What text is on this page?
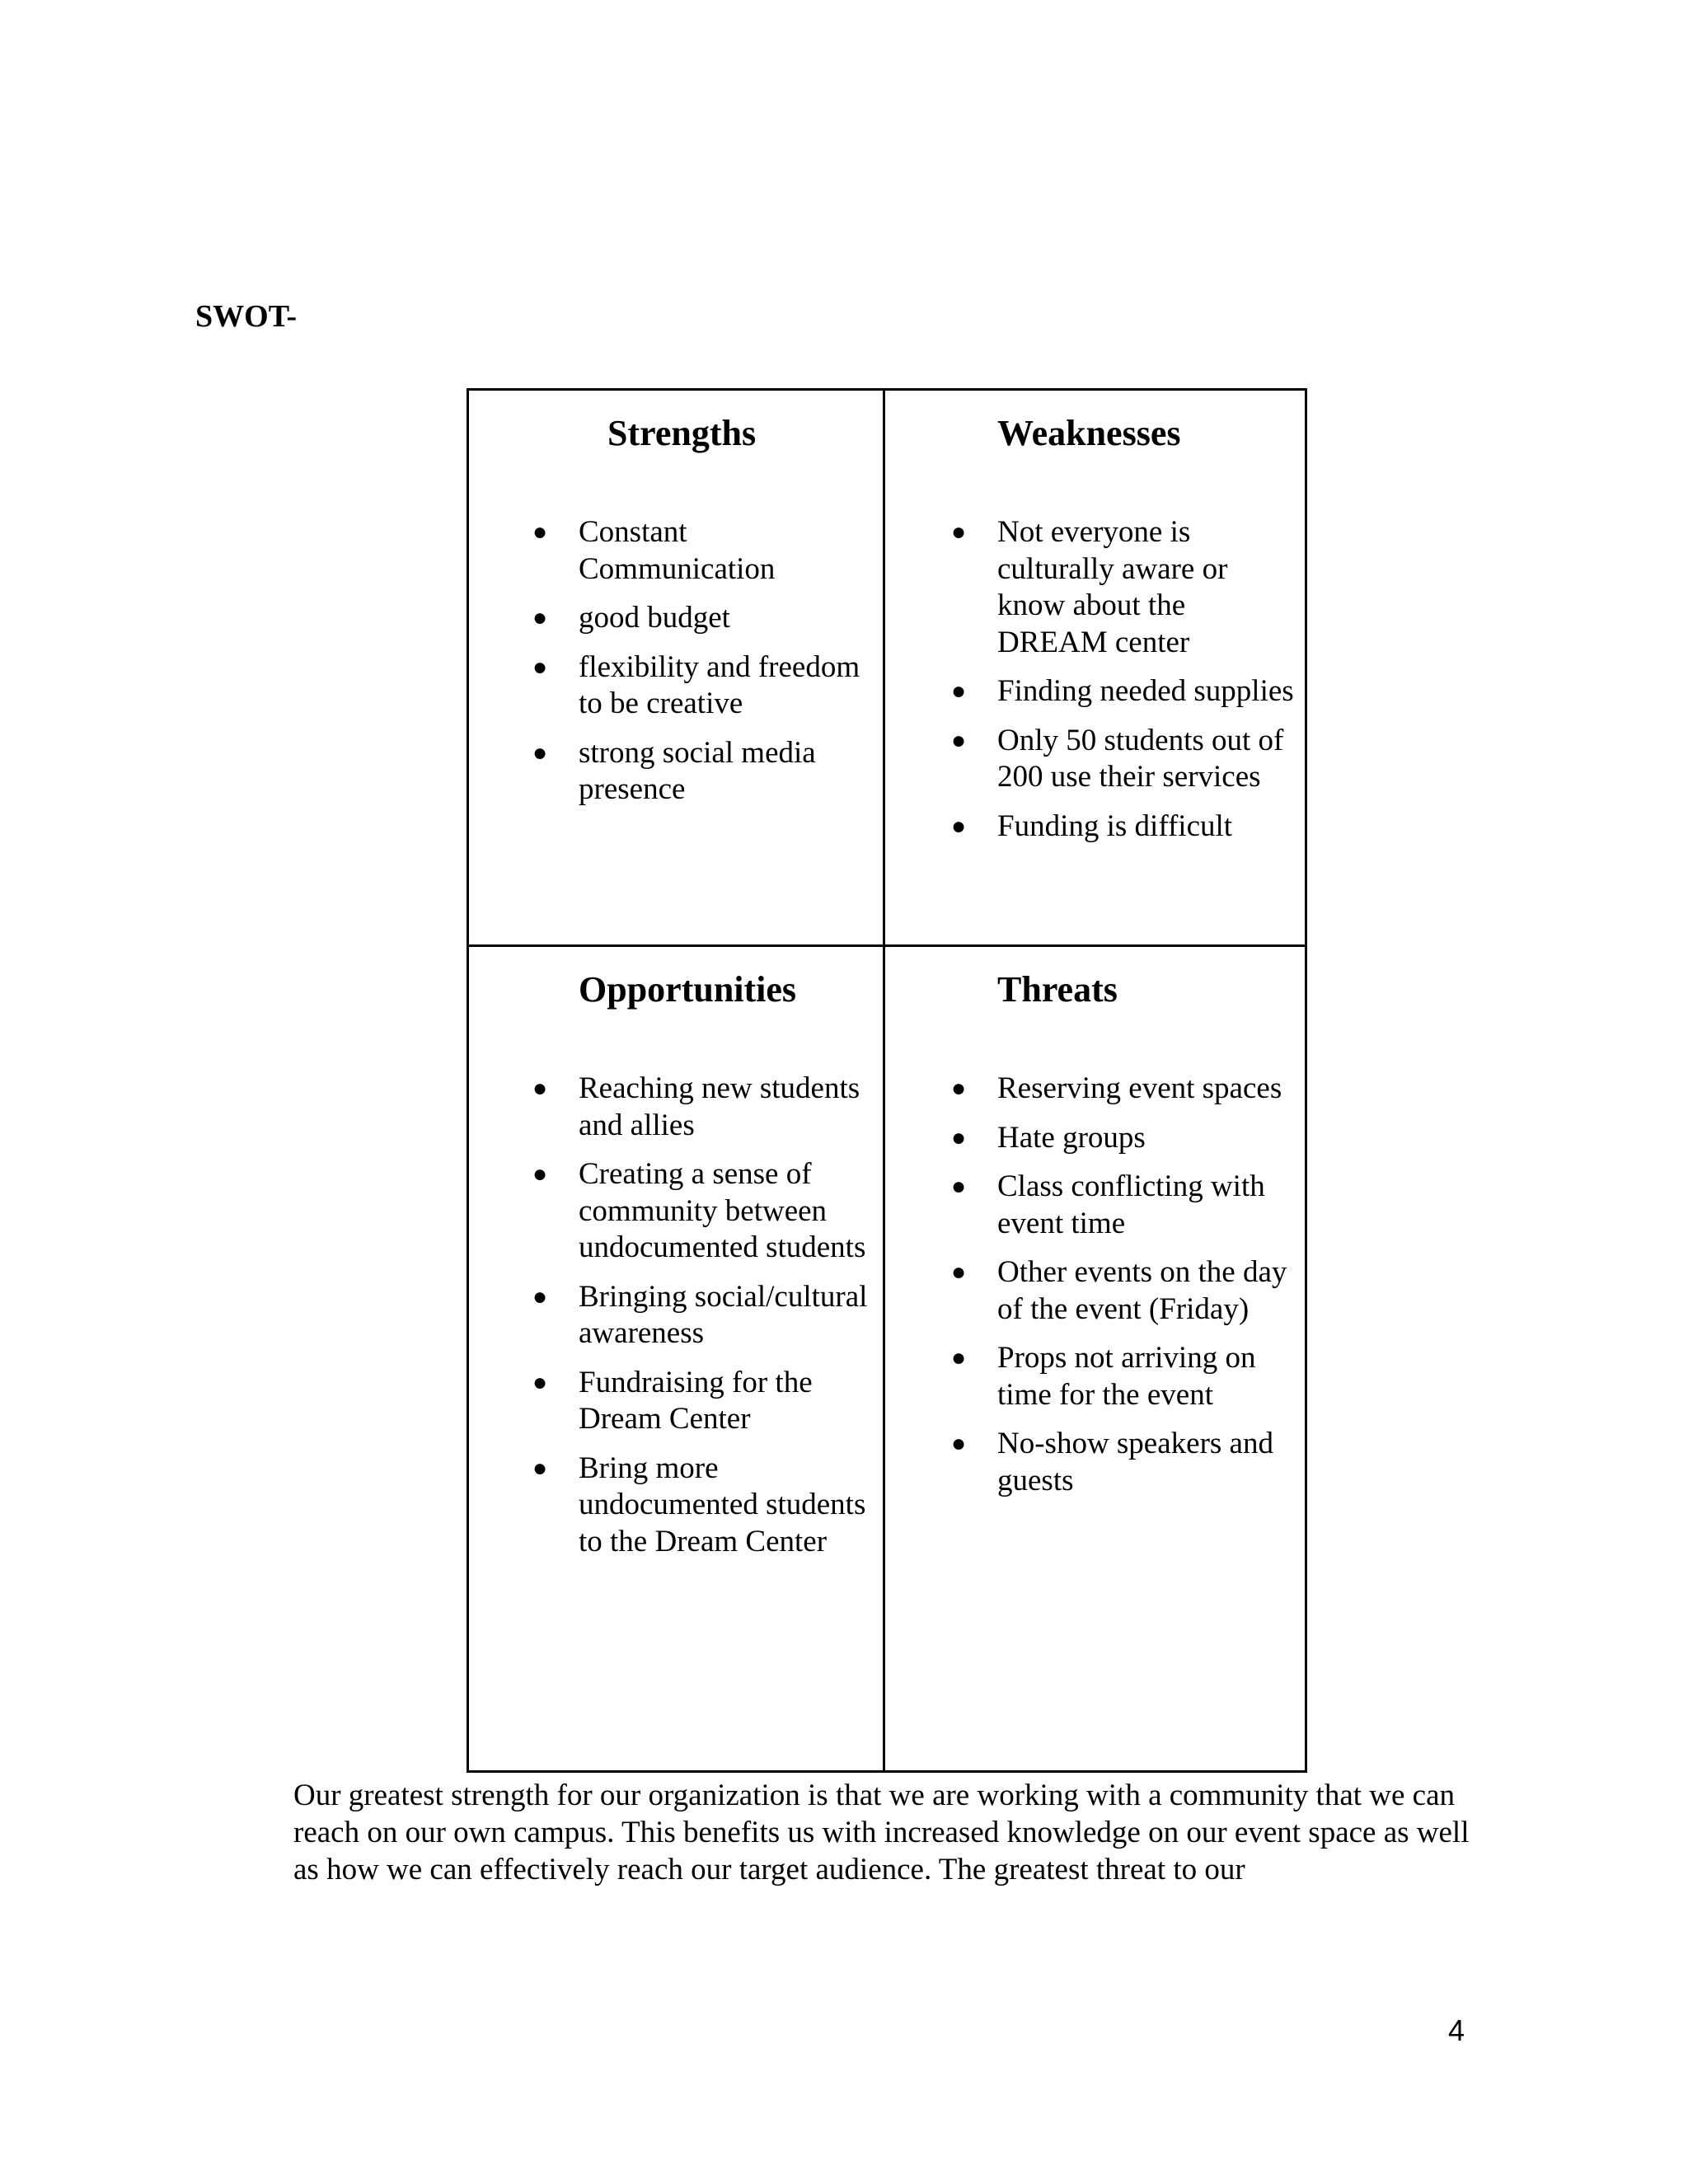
SWOT-
Strengths
● Constant Communication
● good budget
● flexibility and freedom to be creative
● strong social media presence
Weaknesses
● Not everyone is culturally aware or know about the DREAM center
● Finding needed supplies
● Only 50 students out of 200 use their services
● Funding is difficult
Opportunities
● Reaching new students and allies
● Creating a sense of community between undocumented students
● Bringing social/cultural awareness
● Fundraising for the Dream Center
● Bring more undocumented students to the Dream Center
Threats
● Reserving event spaces
● Hate groups
● Class conflicting with event time
● Other events on the day of the event (Friday)
● Props not arriving on time for the event
● No-show speakers and guests

Our greatest strength for our organization is that we are working with a community that we can reach on our own campus. This benefits us with increased knowledge on our event space as well as how we can effectively reach our target audience. The greatest threat to our

4
